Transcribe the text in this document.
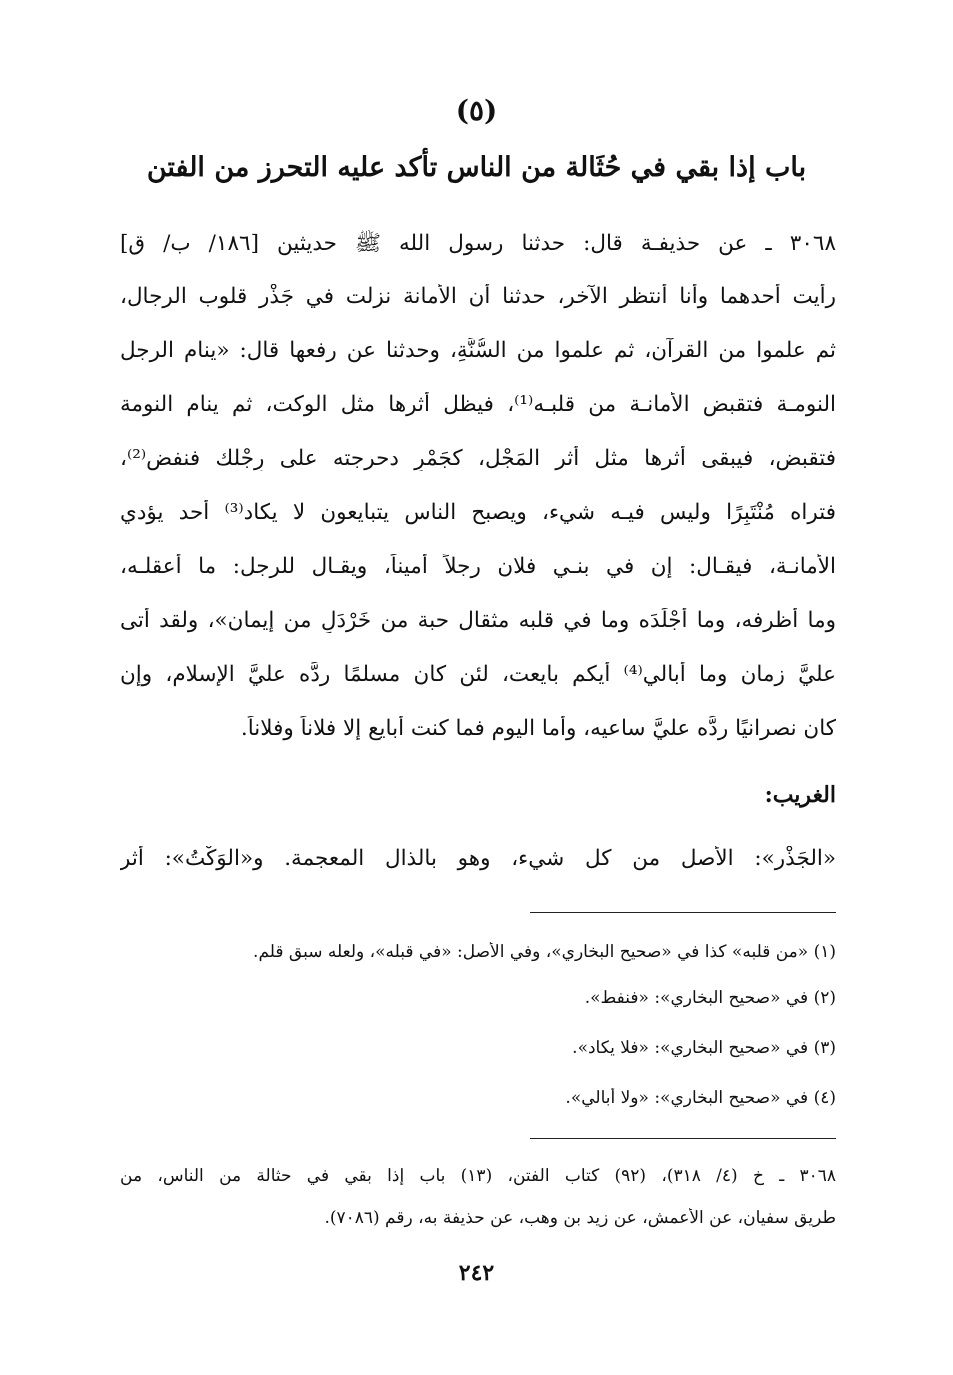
(٥)
باب إذا بقي في حُثَالة من الناس تأكد عليه التحرز من الفتن
٣٠٦٨ ـ عن حذيفـة قال: حدثنا رسول الله ﷺ حديثين [١٨٦/ ب/ ق]
رأيت أحدهما وأنا أنتظر الآخر، حدثنا أن الأمانة نزلت في جَذْر قلوب الرجال،
ثم علموا من القرآن، ثم علموا من السُّنَّةِ، وحدثنا عن رفعها قال: «ينام الرجل
النومـة فتقبض الأمانـة من قلبـه⁽¹⁾، فيظل أثرها مثل الوكت، ثم ينام النومة
فتقبض، فيبقى أثرها مثل أثر المَجْل، كجَمْرٍ دحرجته على رِجْلك فنفض⁽²⁾،
فتراه مُنْتَبِرًا وليس فيـه شيء، ويصبح الناس يتبايعون لا يكاد⁽³⁾ أحد يؤدي
الأمانـة، فيقـال: إن في بنـي فلان رجلاً أميناً، ويقـال للرجل: ما أعقلـه،
وما أظرفه، وما أَجْلَدَه وما في قلبه مثقال حبة من خَرْدَلٍ من إيمان»، ولقد أتى
عليَّ زمان وما أبالي⁽⁴⁾ أيكم بايعت، لئن كان مسلمًا ردَّه عليَّ الإسلام، وإن
كان نصرانيًا ردَّه عليَّ ساعيه، وأما اليوم فما كنت أبايع إلا فلاناً وفلاناً.
الغريب:
«الجَذْر»: الأصل من كل شيء، وهو بالذال المعجمة. و«الوَكْتُ»: أثر
(١) «من قلبه» كذا في «صحيح البخاري»، وفي الأصل: «في قبله»، ولعله سبق قلم.
(٢) في «صحيح البخاري»: «فنفط».
(٣) في «صحيح البخاري»: «فلا يكاد».
(٤) في «صحيح البخاري»: «ولا أبالي».
٣٠٦٨ ـ خ (٤/ ٣١٨)، (٩٢) كتاب الفتن، (١٣) باب إذا بقي في حثالة من الناس، من
طريق سفيان، عن الأعمش، عن زيد بن وهب، عن حذيفة به، رقم (٧٠٨٦).
٢٤٢
